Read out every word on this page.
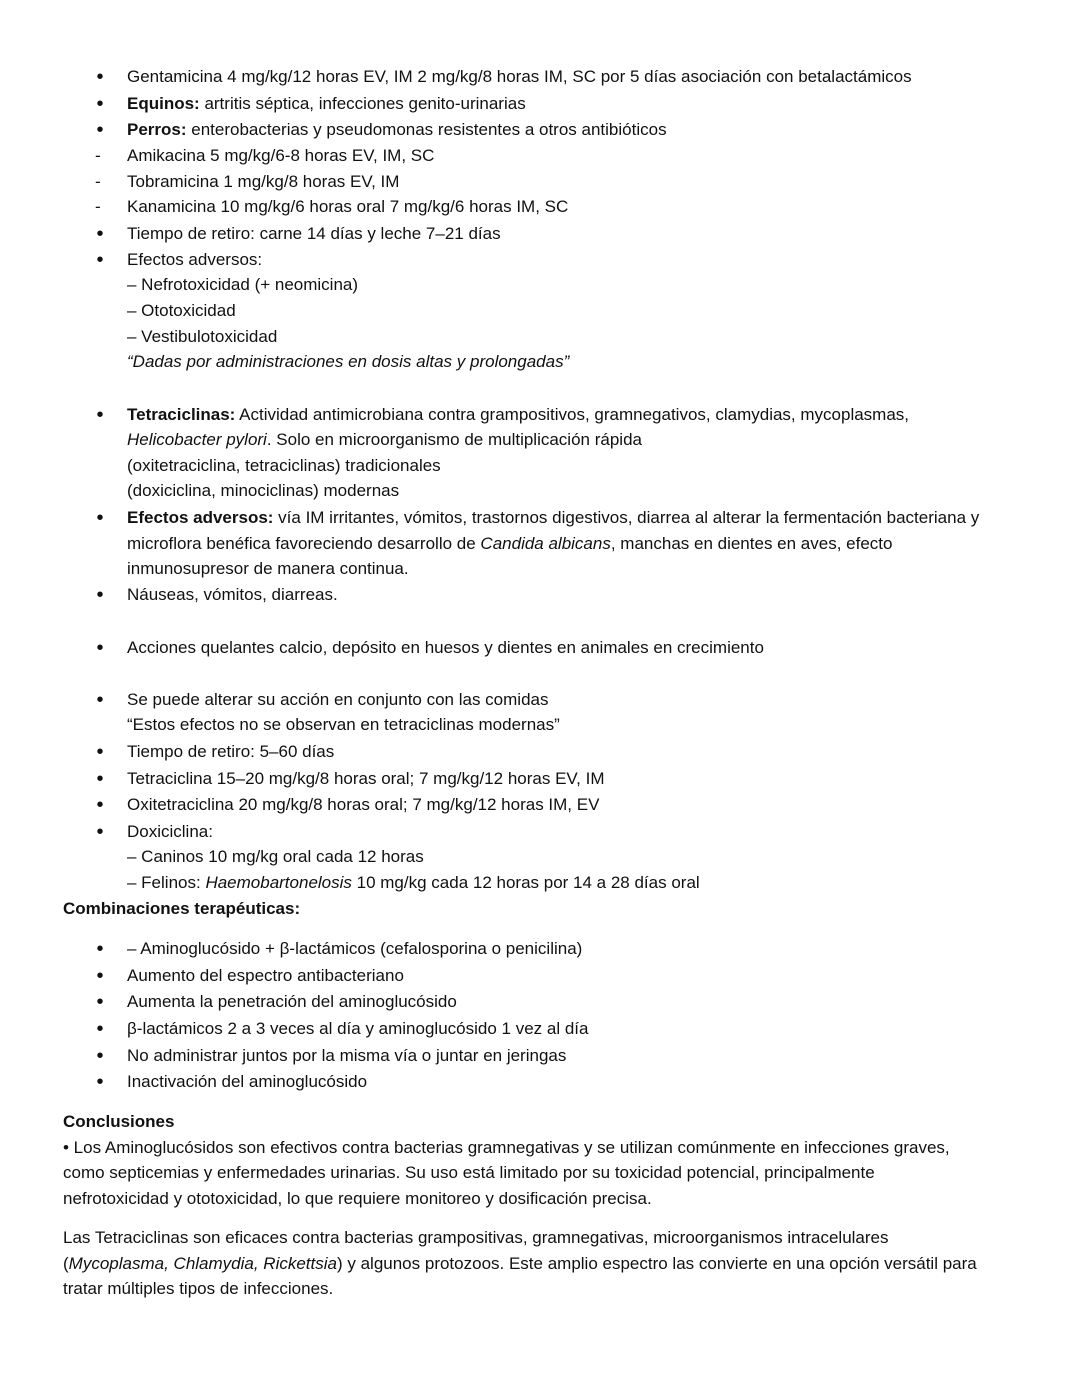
• Gentamicina 4 mg/kg/12 horas EV, IM 2 mg/kg/8 horas IM, SC por 5 días asociación con betalactámicos
• Equinos: artritis séptica, infecciones genito-urinarias
• Perros: enterobacterias y pseudomonas resistentes a otros antibióticos
-	Amikacina 5 mg/kg/6-8 horas EV, IM, SC
-	Tobramicina 1 mg/kg/8 horas EV, IM
-	Kanamicina 10 mg/kg/6 horas oral 7 mg/kg/6 horas IM, SC
• Tiempo de retiro: carne 14 días y leche 7–21 días
• Efectos adversos:
– Nefrotoxicidad (+ neomicina)
– Ototoxicidad
– Vestibulotoxicidad
“Dadas por administraciones en dosis altas y prolongadas”
• Tetraciclinas: Actividad antimicrobiana contra grampositivos, gramnegativos, clamydias, mycoplasmas,
Helicobacter pylori. Solo en microorganismo de multiplicación rápida
(oxitetraciclina, tetraciclinas) tradicionales
(doxiciclina, minociclinas) modernas
• Efectos adversos: vía IM irritantes, vómitos, trastornos digestivos, diarrea al alterar la fermentación bacteriana y
microflora benéfica favoreciendo desarrollo de Candida albicans, manchas en dientes en aves, efecto
inmunosupresor de manera continua.
• Náuseas, vómitos, diarreas.
• Acciones quelantes calcio, depósito en huesos y dientes en animales en crecimiento
• Se puede alterar su acción en conjunto con las comidas
“Estos efectos no se observan en tetraciclinas modernas”
• Tiempo de retiro: 5–60 días
• Tetraciclina 15–20 mg/kg/8 horas oral; 7 mg/kg/12 horas EV, IM
• Oxitetraciclina 20 mg/kg/8 horas oral; 7 mg/kg/12 horas IM, EV
• Doxiciclina:
– Caninos 10 mg/kg oral cada 12 horas
– Felinos: Haemobartonelosis 10 mg/kg cada 12 horas por 14 a 28 días oral
Combinaciones terapéuticas:
• – Aminoglucósido + β-lactámicos (cefalosporina o penicilina)
• Aumento del espectro antibacteriano
• Aumenta la penetración del aminoglucósido
• β-lactámicos 2 a 3 veces al día y aminoglucósido 1 vez al día
• No administrar juntos por la misma vía o juntar en jeringas
• Inactivación del aminoglucósido
Conclusiones
• Los Aminoglucósidos son efectivos contra bacterias gramnegativas y se utilizan comúnmente en infecciones graves,
como septicemias y enfermedades urinarias. Su uso está limitado por su toxicidad potencial, principalmente
nefrotoxicidad y ototoxicidad, lo que requiere monitoreo y dosificación precisa.
Las Tetraciclinas son eficaces contra bacterias grampositivas, gramnegativas, microorganismos intracelulares
(Mycoplasma, Chlamydia, Rickettsia) y algunos protozoos. Este amplio espectro las convierte en una opción versátil para
tratar múltiples tipos de infecciones.
